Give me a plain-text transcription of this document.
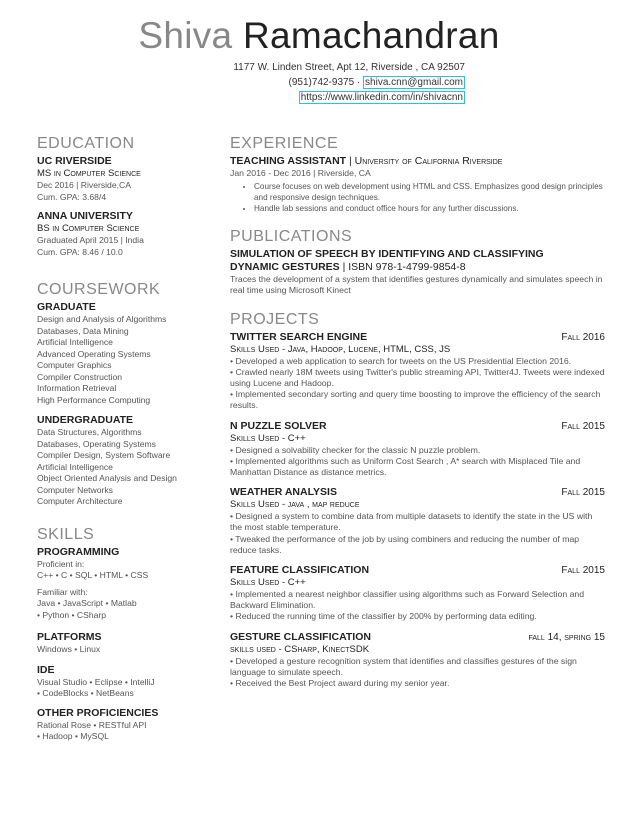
Shiva Ramachandran
1177 W. Linden Street, Apt 12, Riverside , CA 92507
(951)742-9375 · shiva.cnn@gmail.com
https://www.linkedin.com/in/shivacnn
EDUCATION
UC RIVERSIDE
MS in Computer Science
Dec 2016 | Riverside,CA
Cum. GPA: 3.68/4
ANNA UNIVERSITY
BS in Computer Science
Graduated April 2015 | India
Cum. GPA: 8.46 / 10.0
COURSEWORK
GRADUATE
Design and Analysis of Algorithms
Databases, Data Mining
Artificial Intelligence
Advanced Operating Systems
Computer Graphics
Compiler Construction
Information Retrieval
High Performance Computing
UNDERGRADUATE
Data Structures, Algorithms
Databases, Operating Systems
Compiler Design, System Software
Artificial Intelligence
Object Oriented Analysis and Design
Computer Networks
Computer Architecture
SKILLS
PROGRAMMING
Proficient in:
C++ • C • SQL • HTML • CSS
Familiar with:
Java • JavaScript • Matlab
• Python • CSharp
PLATFORMS
Windows • Linux
IDE
Visual Studio • Eclipse • IntelliJ
• CodeBlocks • NetBeans
OTHER PROFICIENCIES
Rational Rose • RESTful API
• Hadoop • MySQL
EXPERIENCE
TEACHING ASSISTANT | University of California Riverside
Jan 2016 - Dec 2016 | Riverside, CA
• Course focuses on web development using HTML and CSS. Emphasizes good design principles and responsive design techniques.
• Handle lab sessions and conduct office hours for any further discussions.
PUBLICATIONS
SIMULATION OF SPEECH BY IDENTIFYING AND CLASSIFYING
DYNAMIC GESTURES | ISBN 978-1-4799-9854-8
Traces the development of a system that identifies gestures dynamically and simulates speech in real time using Microsoft Kinect
PROJECTS
TWITTER SEARCH ENGINE	Fall 2016
Skills Used - Java, Hadoop, Lucene, HTML, CSS, JS
• Developed a web application to search for tweets on the US Presidential Election 2016.
• Crawled nearly 18M tweets using Twitter's public streaming API, Twitter4J. Tweets were indexed using Lucene and Hadoop.
• Implemented secondary sorting and query time boosting to improve the efficiency of the search results.
N PUZZLE SOLVER	Fall 2015
Skills Used - C++
• Designed a solvability checker for the classic N puzzle problem.
• Implemented algorithms such as Uniform Cost Search , A* search with Misplaced Tile and Manhattan Distance as distance metrics.
WEATHER ANALYSIS	Fall 2015
Skills Used - java , map reduce
• Designed a system to combine data from multiple datasets to identify the state in the US with the most stable temperature.
• Tweaked the performance of the job by using combiners and reducing the number of map reduce tasks.
FEATURE CLASSIFICATION	Fall 2015
Skills Used - C++
• Implemented a nearest neighbor classifier using algorithms such as Forward Selection and Backward Elimination.
• Reduced the running time of the classifier by 200% by performing data editing.
GESTURE CLASSIFICATION	fall 14, spring 15
skills used - CSharp, KinectSDK
• Developed a gesture recognition system that identifies and classifies gestures of the sign language to simulate speech.
• Received the Best Project award during my senior year.
